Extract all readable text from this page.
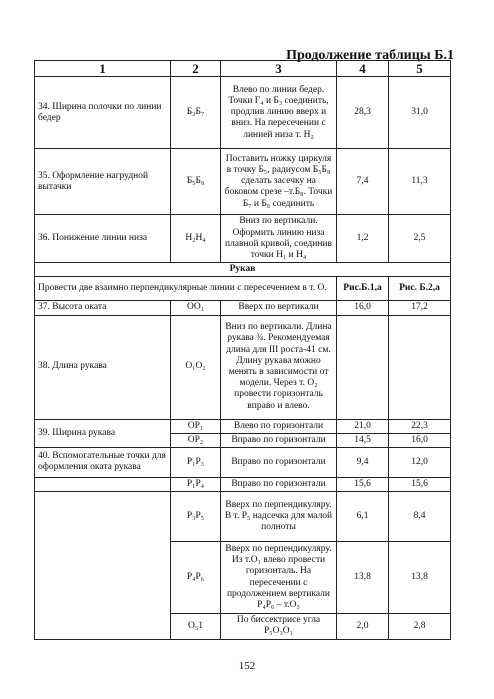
Продолжение таблицы Б.1
1	2	3	4	5
34. Ширина полочки по линии бедер	Б₂Б₇	Влево по линии бедер. Точки Г₄ и Б₃ соединить, продлив линию вверх и вниз. На пересечении с линией низа т. Н₂	28,3	31,0
35. Оформление нагрудной вытачки	Б₅Б₈	Поставить ножку циркуля в точку Б₅, радиусом Б₅Б₈ сделать засечку на боковом срезе –т.Б₈. Точки Б₇ и Б₈ соединить	7,4	11,3
36. Понижение линии низа	Н₂Н₄	Вниз по вертикали. Оформить линию низа плавной кривой, соединив точки Н₁ и Н₄	1,2	2,5
Рукав				
Провести две взаимно перпендикулярные линии с пересечением в т. О.			Рис.Б.1,а	Рис. Б.2,а
37. Высота оката	ОО₁	Вверх по вертикали	16,0	17,2
38. Длина рукава	О₁О₂	Вниз по вертикали. Длина рукава ¾. Рекомендуемая длина для III роста-41 см. Длину рукава можно менять в зависимости от модели. Через т. О₂ провести горизонталь вправо и влево.		
39. Ширина рукава	ОР₁	Влево по горизонтали	21,0	22,3
	ОР₂	Вправо по горизонтали	14,5	16,0
40. Вспомогательные точки для оформления оката рукава	Р₁Р₃	Вправо по горизонтали	9,4	12,0
	Р₁Р₄	Вправо по горизонтали	15,6	15,6
	Р₃Р₅	Вверх по перпендикуляру. В т. Р₅ надсечка для малой полноты	6,1	8,4
	Р₄Р₆	Вверх по перпендикуляру. Из т.О₁ влево провести горизонталь. На пересечении с продолжением вертикали Р₄Р₆ – т.О₃	13,8	13,8
	О₃1	По биссектрисе угла Р₅О₃О₁	2,0	2,8
152
